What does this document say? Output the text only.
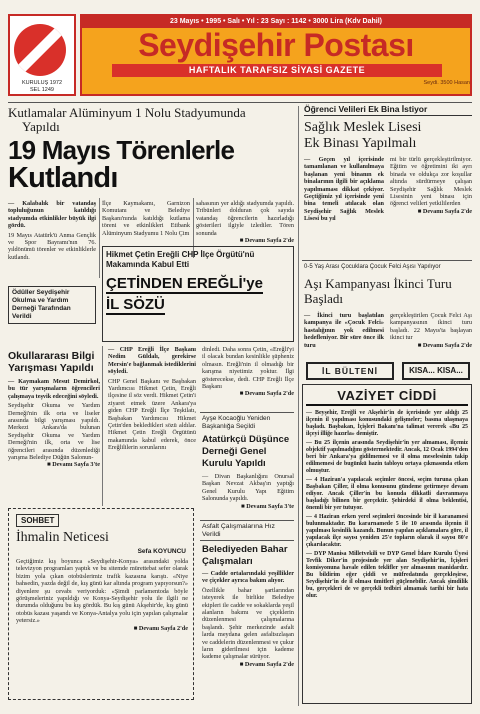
KURULUŞ 1972
SEL 1249
23 Mayıs • 1995 • Salı • Yıl : 23 Sayı : 1142 • 3000 Lira (Kdv Dahil)
Seydişehir Postası
HAFTALIK TARAFSIZ SİYASİ GAZETE
Seydi. 3500 Hasan
Kutlamalar Alüminyum 1 Nolu Stadyumunda
Yapıldı
19 Mayıs Törenlerle
Kutlandı
— Kalabalık bir vatandaş topluluğunun katıldığı stadyumda etkinlikler büyük ilgi gördü.
19 Mayıs Atatürk'ü Anma Gençlik ve Spor Bayramı'nın 76. yıldönümü törenler ve etkinliklerle kutlandı.
İlçe Kaymakamı, Garnizon Komutanı ve Belediye Başkanı'nında katıldığı kutlama töreni ve etkinlikleri Etibank Alüminyum Stadyumu 1 Nolu Çim
sahasının yer aldığı stadyumda yapıldı. Tribünleri dolduran çok sayıda vatandaş öğrencilerin hazırladığı gösterileri ilgiyle izlediler. Tören sonunda
■ Devamı Sayfa 2'de
Ödüller Seydişehir Okulma ve Yardım Derneği Tarafından Verildi
Hikmet Çetin Ereğli CHP İlçe Örgütü'nü Makamında Kabul Etti
ÇETİNDEN EREĞLİ'ye İL SÖZÜ
Okullararası Bilgi
Yarışması Yapıldı
— Kaymakam Mesut Demirkol, bu tür yarışmaların öğrencileri çalışmaya teşvik edeceğini söyledi.
Seydişehir Okuma ve Yardım Derneği'nin ilk orta ve liseler arasında bilgi yarışması yapıldı. Merkezi Ankara'da bulunan Seydişehir Okuma ve Yardım Derneği'nin ilk, orta ve lise öğrencileri arasında düzenlediği yarışma Belediye Düğün Salonun-
■ Devamı Sayfa 3'te
— CHP Ereğli İlçe Başkanı Nedim Güldalı, gerekirse Mersin'e bağlanmak istediklerini söyledi.
CHP Genel Başkanı ve Başbakan Yardımcısı Hikmet Çetin, Ereğli ilçesine il söz verdi. Hikmet Çetin'i ziyaret etmek üzere Ankara'ya giden CHP Ereğli İlçe Teşkilatı, Başbakan Yardımcısı Hikmet Çetin'den bekledikleri sözü aldılar. Hikmet Çetin Ereğli Örgütünü makamında kabul ederek, önce Ereğlililerin sorunlarını
dinledi. Daha sonra Çetin, «Ereğli'yi il olacak bundan kesinlikle şüpheniz olmasın. Ereğli'nin il olmadığı bir karışma niyetimiz yoktur. İlgi gösterecekse, dedi. CHP Ereğli İlçe Başkanı
■ Devamı Sayfa 2'de
Ayşe Kocaoğlu Yeniden Başkanlığa Seçildi
Atatürkçü Düşünce
Derneği Genel
Kurulu Yapıldı
— Divan Başkanlığını Onursal Başkan Nevzat Akbaş'ın yaptığı Genel Kurulu Yapı Eğitim Salonunda yapıldı.
■ Devamı Sayfa 3'te
Asfalt Çalışmalarına Hız Verildi
Belediyeden Bahar
Çalışmaları
— Cadde ortalarındaki yeşillikler ve çiçekler ayrıca bakım alıyor.
Özellikle bahar şartlarından isteyerek ile birlikte Belediye ekipleri ile cadde ve sokaklarda yeşil alanların bakımı ve çiçeklerin düzenlenmesi çalışmalarına başlandı. Şehir merkezinde asfalt larda meydana gelen asfaltsızlaşan ve caddelerin düzenlenmesi ve çukur ların giderilmesi için kademe kademe çalışmalar sürüyor.
■ Devamı Sayfa 2'de
SOHBET
İhmalin Neticesi
Sefa KOYUNCU
Geçtiğimiz kış boyunca «Seydişehir-Konya» arasındaki yolda televizyon programları yaptık ve bu sitemde mürettebat sefer olarak bizim yola çıkan otobüslerimiz trafik kazasına karıştı. «Niye bahsedin, yazda değil de, kış günü kar altında program yapıyorsun?» diyenlere şu cevabı veriyorduk: «Şimdi parlamentoda böyle görüşmeleriniz yapıldığı ve Konya-Seydişehir yolu ile ilgili ne durumda olduğunu bu kış gördük. Bu kış günü Akşehir'de, kış günü otobüs kazası yaşandı ve Konya-Antalya yolu için yapılan çalışmalar yetersiz.»
■ Devamı Sayfa 2'de
Öğrenci Velileri Ek Bina İstiyor
Sağlık Meslek Lisesi
Ek Binası Yapılmalı
— Geçen yıl içerisinde tamamlanan ve kullanılmaya başlanan yeni binanın ek binalarının ilgili bir açıklama yapılmaması dikkat çekiyor. Geçtiğimiz yıl içerisinde yeni bina temeli atılacak olan Seydişehir Sağlık Meslek Lisesi bu yıl
mi bir türlü gerçekleştirilmiyor. Eğitim ve öğretimini iki ayrı binada ve oldukça zor koşullar altında sürdürmeye çalışan Seydişehir Sağlık Meslek Lisesinin yeni binası için öğrenci velileri yetkililerden
■ Devamı Sayfa 2'de
0-5 Yaş Arası Çocuklara Çocuk Felci Aşısı Yapılıyor
Aşı Kampanyası İkinci Turu
Başladı
— İkinci turu başlatılan kampanya ile «Çocuk Felci» hastalığının yok edilmesi hedefleniyor. Bir süre önce ilk turu
gerçekleştirilen Çocuk Felci Aşı kampanyasının ikinci turu başladı. 22 Mayıs'ta başlayan ikinci tur
■ Devamı Sayfa 2'de
İL BÜLTENİ	KISA... KISA...
VAZİYET CİDDİ
— Beyşehir, Ereğli ve Akşehir'in de içerisinde yer aldığı 25 ilçenin il yapılması konusundaki gelişmeler; basına ulaşmaya başladı. Başbakan, İçişleri Bakanı'na talimat vererek «Bu 25 ilçeyi illiğe hazırla» demiştir.
— Bu 25 ilçenin arasında Seydişehir'in yer almaması, ilçemiz objektif yapılmadığını göstermektedir. Ancak, 12 Ocak 1994'den beri bir Ankara'ya gidilmemesi ve il olma meselesinin takip edilmemesi de bugünkü hazin tabloyu ortaya çıkmasında etken olmuştur.
— 4 Haziran'a yapılacak seçimler öncesi, seçim turuna çıkan Başbakan Çiller, il olma konusunu gündeme getirmeye devam ediyor. Ancak Çiller'in bu konuda dikkatli davranmaya başladığı bilinen bir gerçektir. Şehirdeki il olma beklentisi, önemli bir yer tutuyor.
— 4 Haziran erken yerel seçimleri öncesinde bir il karanamesi bulunmaktadır. Bu kararnamede 5 ile 10 arasında ilçenin il yapılması kesinlik kazandı. Bunun yapılan açıklamalara göre, il yapılacak ilçe sayısı yeniden 25'e topların olarak il sayısı 80'e çıkarılacaktır.
— DYP Manisa Milletvekili ve DYP Genel İdare Kurulu Üyesi Tevfik Diker'in projesinde yer alan Seydişehir'in, İçişleri komisyonuna havale edilen teklifler yer almasının manidardır. Bu bildirim eğer çiddi ve müfredatında gerçekleşirse, Seydişehir'in de il olması ümitleri güçlenebilir. Ancak şimdilik bu, gerçekleri de ve gerçekli tedbiri almamak tarihi bir hata olur.
